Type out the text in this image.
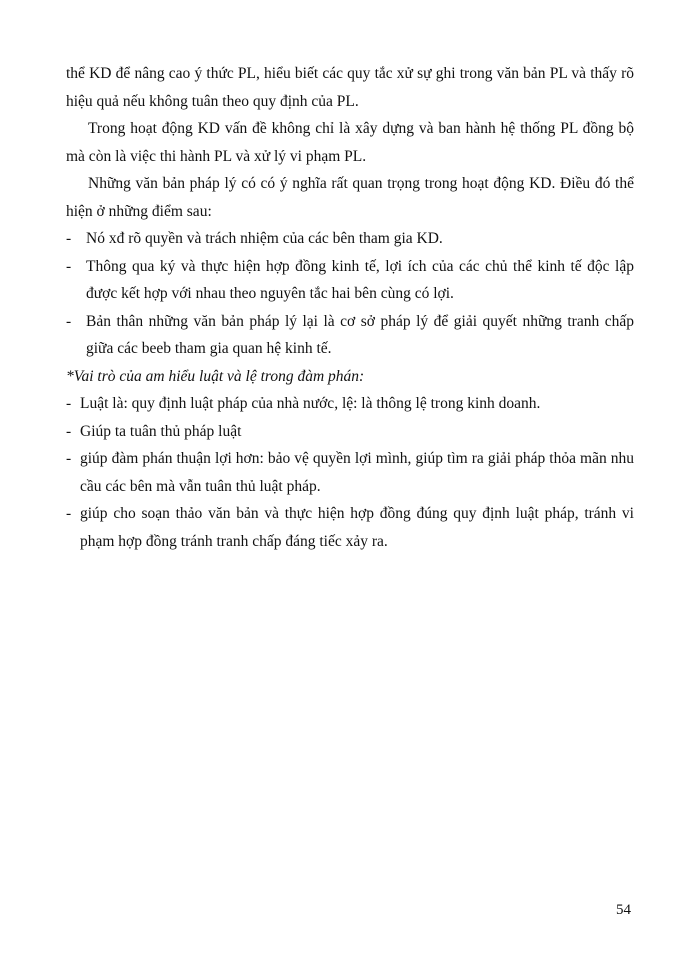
thể KD để nâng cao ý thức PL, hiểu biết các quy tắc xử sự ghi trong văn bản PL và thấy rõ hiệu quả nếu không tuân theo quy định của PL.

Trong hoạt động KD vấn đề không chỉ là xây dựng và ban hành hệ thống PL đồng bộ mà còn là việc thi hành PL và xử lý vi phạm PL.

Những văn bản pháp lý có có ý nghĩa rất quan trọng trong hoạt động KD. Điều đó thể hiện ở những điểm sau:

- Nó xđ rõ quyền và trách nhiệm của các bên tham gia KD.

- Thông qua ký và thực hiện hợp đồng kinh tế, lợi ích của các chủ thể kinh tế độc lập được kết hợp với nhau theo nguyên tắc hai bên cùng có lợi.

- Bản thân những văn bản pháp lý lại là cơ sở pháp lý để giải quyết những tranh chấp giữa các beeb tham gia quan hệ kinh tế.

*Vai trò của am hiểu luật và lệ trong đàm phán:

- Luật là: quy định luật pháp của nhà nước, lệ: là thông lệ trong kinh doanh.

- Giúp ta tuân thủ pháp luật

- giúp đàm phán thuận lợi hơn: bảo vệ quyền lợi mình, giúp tìm ra giải pháp thỏa mãn nhu cầu các bên mà vẫn tuân thủ luật pháp.

- giúp cho soạn thảo văn bản và thực hiện hợp đồng đúng quy định luật pháp, tránh vi phạm hợp đồng tránh tranh chấp đáng tiếc xảy ra.

54
